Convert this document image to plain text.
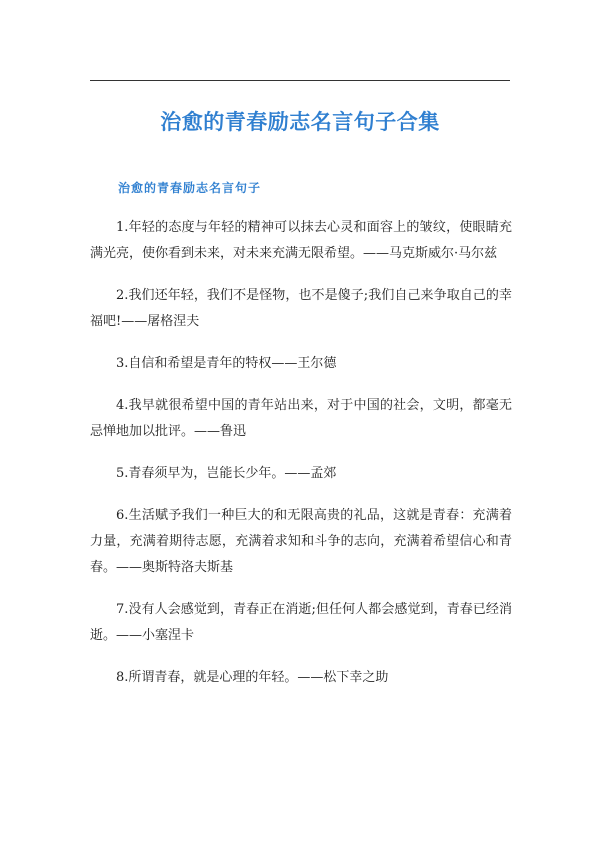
治愈的青春励志名言句子合集
治愈的青春励志名言句子
1.年轻的态度与年轻的精神可以抹去心灵和面容上的皱纹，使眼睛充满光亮，使你看到未来，对未来充满无限希望。——马克斯威尔·马尔兹
2.我们还年轻，我们不是怪物，也不是傻子;我们自己来争取自己的幸福吧!——屠格涅夫
3.自信和希望是青年的特权——王尔德
4.我早就很希望中国的青年站出来，对于中国的社会，文明，都毫无忌惮地加以批评。——鲁迅
5.青春须早为，岂能长少年。——孟郊
6.生活赋予我们一种巨大的和无限高贵的礼品，这就是青春：充满着力量，充满着期待志愿，充满着求知和斗争的志向，充满着希望信心和青春。——奥斯特洛夫斯基
7.没有人会感觉到，青春正在消逝;但任何人都会感觉到，青春已经消逝。——小塞涅卡
8.所谓青春，就是心理的年轻。——松下幸之助
